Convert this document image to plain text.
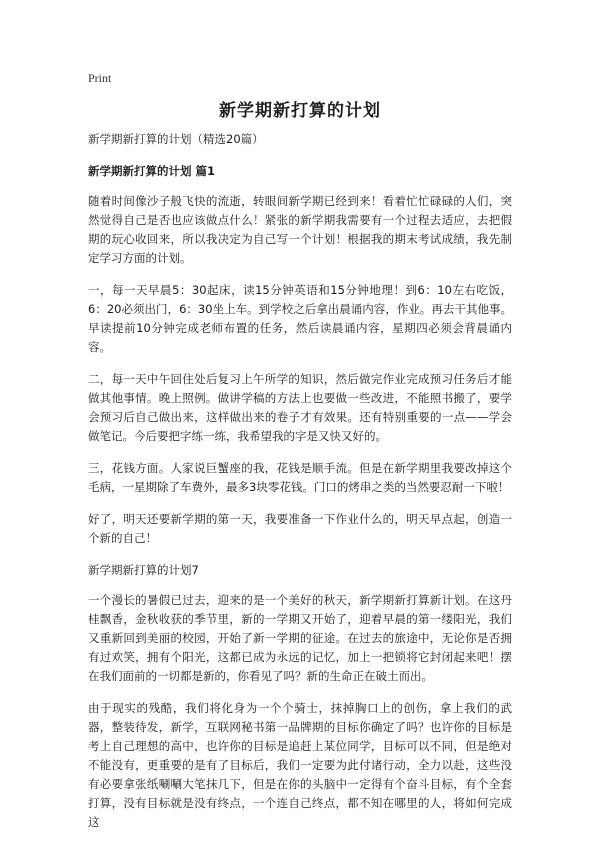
Print
新学期新打算的计划

新学期新打算的计划（精选20篇）

新学期新打算的计划 篇1

随着时间像沙子般飞快的流逝，转眼间新学期已经到来！看着忙忙碌碌的人们，突然觉得自己是否也应该做点什么！紧张的新学期我需要有一个过程去适应，去把假期的玩心收回来，所以我决定为自己写一个计划！根据我的期末考试成绩，我先制定学习方面的计划。

一，每一天早晨5：30起床，读15分钟英语和15分钟地理！到6：10左右吃饭，6：20必须出门，6：30坐上车。到学校之后拿出晨诵内容，作业。再去干其他事。早读提前10分钟完成老师布置的任务，然后读晨诵内容，星期四必须会背晨诵内容。

二，每一天中午回住处后复习上午所学的知识，然后做完作业完成预习任务后才能做其他事情。晚上照例。做讲学稿的方法上也要做一些改进，不能照书搬了，要学会预习后自己做出来，这样做出来的卷子才有效果。还有特别重要的一点——学会做笔记。今后要把字练一练，我希望我的字是又快又好的。

三，花钱方面。人家说巨蟹座的我，花钱是顺手流。但是在新学期里我要改掉这个毛病，一星期除了车费外，最多3块零花钱。门口的烤串之类的当然要忍耐一下啦！

好了，明天还要新学期的第一天，我要准备一下作业什么的，明天早点起，创造一个新的自己！

新学期新打算的计划7

一个漫长的暑假已过去，迎来的是一个美好的秋天，新学期新打算新计划。在这丹桂飘香，金秋收获的季节里，新的一学期又开始了，迎着早晨的第一缕阳光，我们又重新回到美丽的校园，开始了新一学期的征途。在过去的旅途中，无论你是否拥有过欢笑，拥有个阳光，这都已成为永远的记忆，加上一把锁将它封闭起来吧！摆在我们面前的一切都是新的，你看见了吗？新的生命正在破土而出。

由于现实的残酷，我们将化身为一个个骑士，抹掉胸口上的创伤，拿上我们的武器，整装待发，新学，互联网秘书第一品牌期的目标你确定了吗？也许你的目标是考上自己理想的高中，也许你的目标是追赶上某位同学，目标可以不同，但是绝对不能没有，更重要的是有了目标后，我们一定要为此付诸行动，全力以赴，这些没有必要拿张纸唰唰大笔抹几下，但是在你的头脑中一定得有个奋斗目标，有个全套打算，没有目标就是没有终点，一个连自己终点，都不知在哪里的人，将如何完成这
